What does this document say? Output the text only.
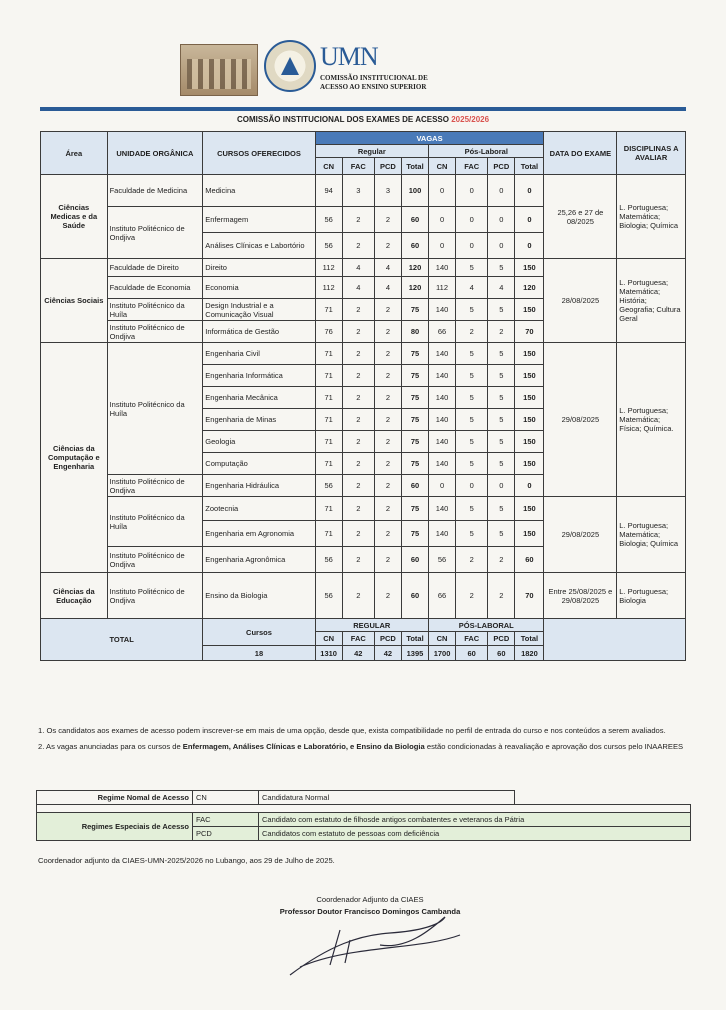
UMN
COMISSÃO INSTITUCIONAL DE
ACESSO AO ENSINO SUPERIOR
COMISSÃO INSTITUCIONAL DOS EXAMES DE ACESSO 2025/2026
Área	UNIDADE ORGÂNICA	CURSOS OFERECIDOS	VAGAS								DATA DO EXAME	DISCIPLINAS A AVALIAR
			Regular				Pós-Laboral					
			CN	FAC	PCD	Total	CN	FAC	PCD	Total		
Ciências Medicas e da Saúde	Faculdade de Medicina	Medicina	94	3	3	100	0	0	0	0	25,26 e 27 de 08/2025	L. Portuguesa; Matemática; Biologia; Química
	Instituto Politécnico de Ondjiva	Enfermagem	56	2	2	60	0	0	0	0		
		Análises Clínicas e Labortório	56	2	2	60	0	0	0	0		
Ciências Sociais	Faculdade de Direito	Direito	112	4	4	120	140	5	5	150	28/08/2025	L. Portuguesa; Matemática; História; Geografia; Cultura Geral
	Faculdade de Economia	Economia	112	4	4	120	112	4	4	120		
	Instituto Politécnico da Huíla	Design Industrial e a Comunicação Visual	71	2	2	75	140	5	5	150		
	Instituto Politécnico de Ondjiva	Informática de Gestão	76	2	2	80	66	2	2	70		
Ciências da Computação e Engenharia	Instituto Politécnico da Huíla	Engenharia Civil	71	2	2	75	140	5	5	150	29/08/2025	L. Portuguesa; Matemática; Física; Química.
		Engenharia Informática	71	2	2	75	140	5	5	150		
		Engenharia Mecânica	71	2	2	75	140	5	5	150		
		Engenharia de Minas	71	2	2	75	140	5	5	150		
		Geologia	71	2	2	75	140	5	5	150		
		Computação	71	2	2	75	140	5	5	150		
	Instituto Politécnico de Ondjiva	Engenharia Hidráulica	56	2	2	60	0	0	0	0		
	Instituto Politécnico da Huíla	Zootecnia	71	2	2	75	140	5	5	150	29/08/2025	L. Portuguesa; Matemática; Biologia; Química
		Engenharia em Agronomia	71	2	2	75	140	5	5	150		
	Instituto Politécnico de Ondjiva	Engenharia Agronômica	56	2	2	60	56	2	2	60		
Ciências da Educação	Instituto Politécnico de Ondjiva	Ensino da Biologia	56	2	2	60	66	2	2	70	Entre 25/08/2025 e 29/08/2025	L. Portuguesa; Biologia
TOTAL		Cursos	REGULAR				PÓS-LABORAL					
			CN	FAC	PCD	Total	CN	FAC	PCD	Total		
		18	1310	42	42	1395	1700	60	60	1820		

1. Os candidatos aos exames de acesso podem inscrever-se em mais de uma opção, desde que, exista compatibilidade no perfil de entrada do curso e nos conteúdos a serem avaliados.

2. As vagas anunciadas para os cursos de Enfermagem, Análises Clínicas e Laboratório, e Ensino da Biologia estão condicionadas à reavaliação e aprovação dos cursos pelo INAAREES

Regime Nomal de Acesso	CN	Candidatura Normal	

Regimes Especiais de Acesso	FAC	Candidato com estatuto de filhosde antigos combatentes e veteranos da Pátria	
	PCD	Candidatos com estatuto de pessoas com deficiência	
Coordenador adjunto da CIAES-UMN-2025/2026 no Lubango, aos 29 de Julho de 2025.
Coordenador Adjunto da CIAES
Professor Doutor Francisco Domingos Cambanda
